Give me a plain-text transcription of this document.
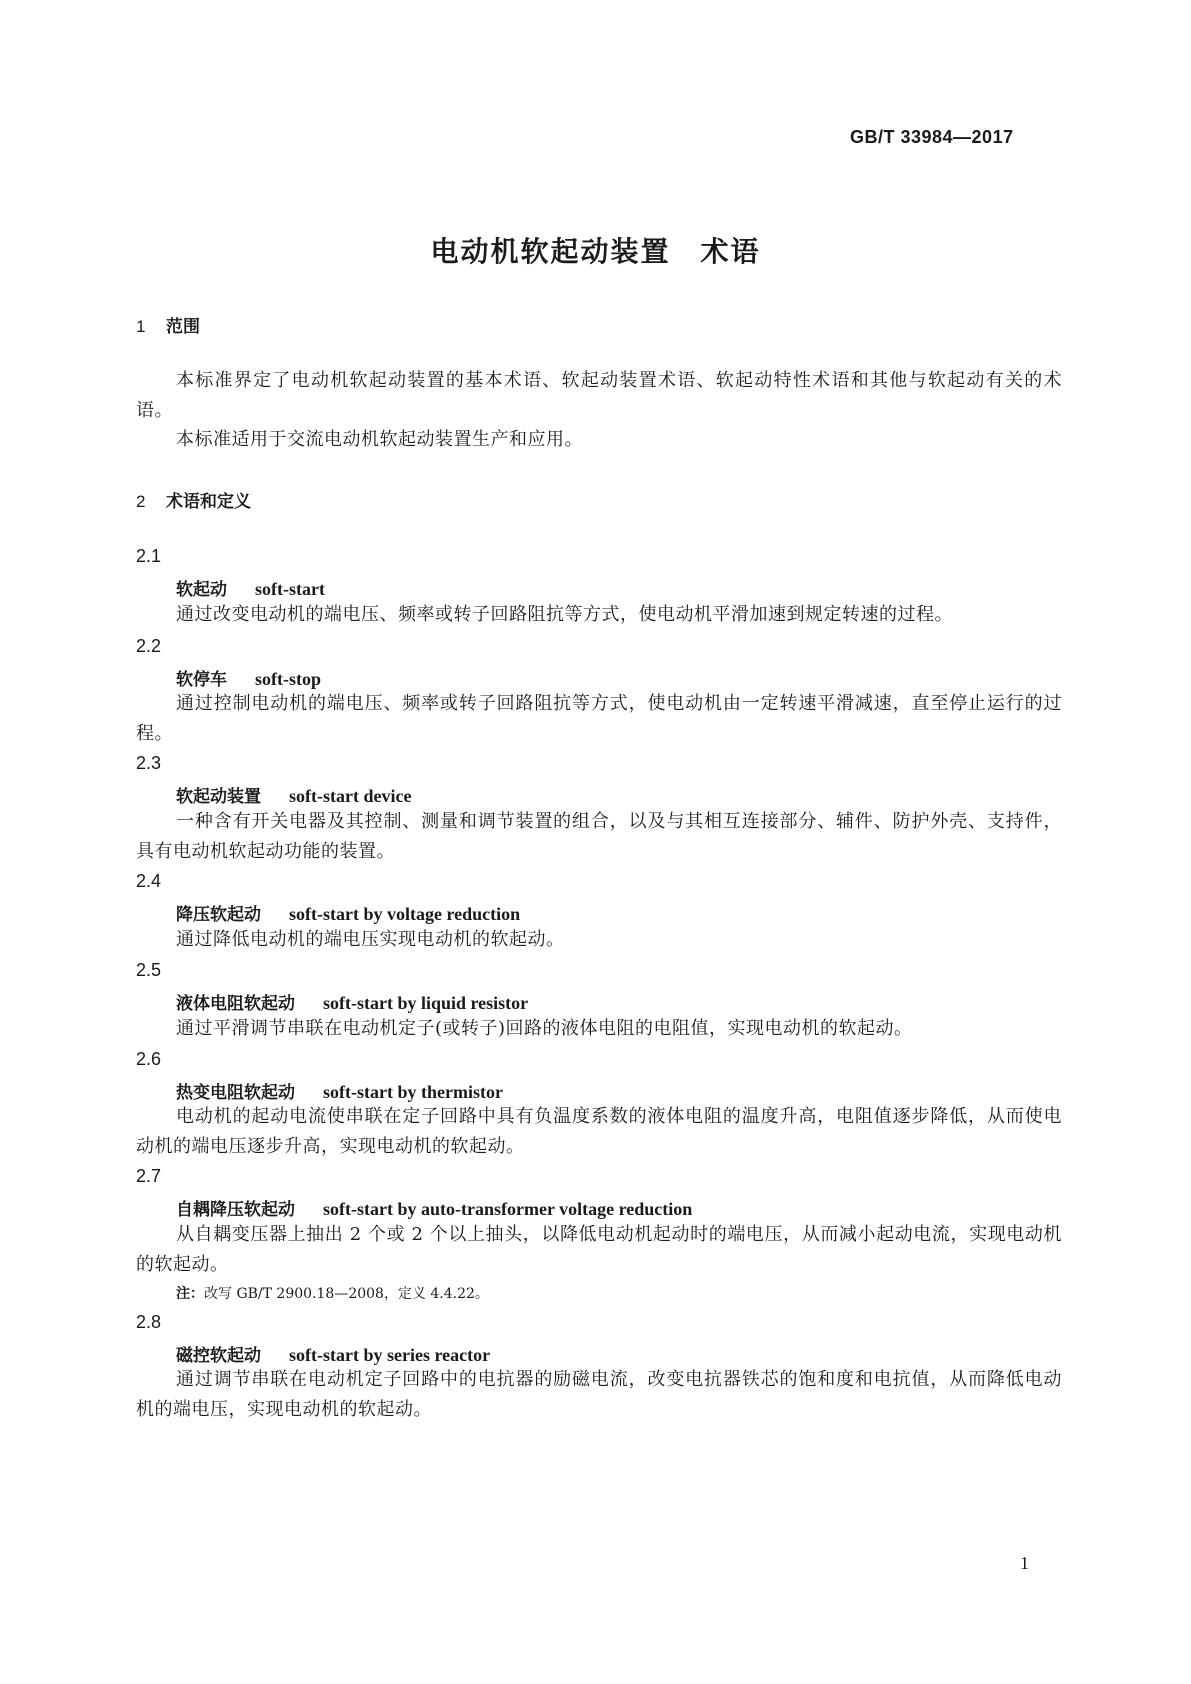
GB/T 33984—2017
电动机软起动装置　术语
1 范围
本标准界定了电动机软起动装置的基本术语、软起动装置术语、软起动特性术语和其他与软起动有关的术语。
本标准适用于交流电动机软起动装置生产和应用。
2 术语和定义
2.1
软起动 soft-start
通过改变电动机的端电压、频率或转子回路阻抗等方式，使电动机平滑加速到规定转速的过程。
2.2
软停车 soft-stop
通过控制电动机的端电压、频率或转子回路阻抗等方式，使电动机由一定转速平滑减速，直至停止运行的过程。
2.3
软起动装置 soft-start device
一种含有开关电器及其控制、测量和调节装置的组合，以及与其相互连接部分、辅件、防护外壳、支持件，具有电动机软起动功能的装置。
2.4
降压软起动 soft-start by voltage reduction
通过降低电动机的端电压实现电动机的软起动。
2.5
液体电阻软起动 soft-start by liquid resistor
通过平滑调节串联在电动机定子(或转子)回路的液体电阻的电阻值，实现电动机的软起动。
2.6
热变电阻软起动 soft-start by thermistor
电动机的起动电流使串联在定子回路中具有负温度系数的液体电阻的温度升高，电阻值逐步降低，从而使电动机的端电压逐步升高，实现电动机的软起动。
2.7
自耦降压软起动 soft-start by auto-transformer voltage reduction
从自耦变压器上抽出 2 个或 2 个以上抽头，以降低电动机起动时的端电压，从而减小起动电流，实现电动机的软起动。
注：改写 GB/T 2900.18—2008，定义 4.4.22。
2.8
磁控软起动 soft-start by series reactor
通过调节串联在电动机定子回路中的电抗器的励磁电流，改变电抗器铁芯的饱和度和电抗值，从而降低电动机的端电压，实现电动机的软起动。
1
